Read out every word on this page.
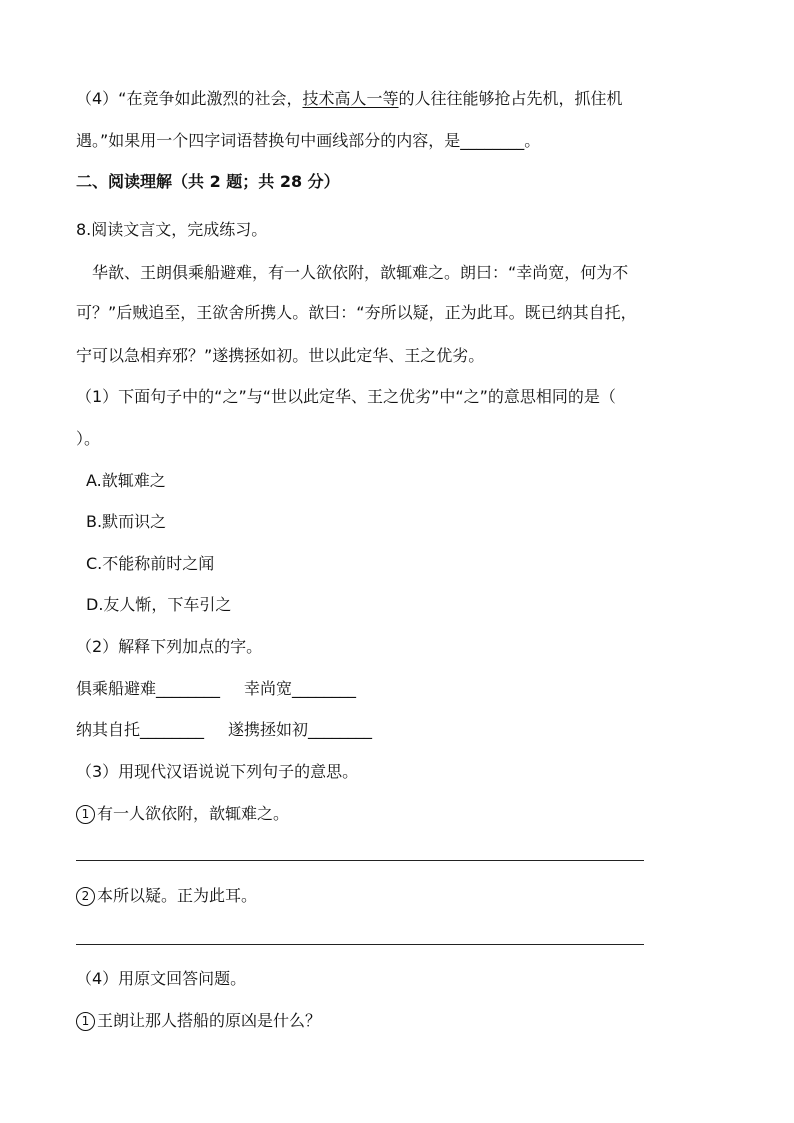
（4）“在竞争如此激烈的社会，技术高人一等的人往往能够抢占先机，抓住机
遇。”如果用一个四字词语替换句中画线部分的内容，是________。
二、阅读理解（共 2 题；共 28 分）
8.阅读文言文，完成练习。
　华歆、王朗俱乘船避难，有一人欲依附，歆辄难之。朗曰：“幸尚宽，何为不
可？”后贼追至，王欲舍所携人。歆曰：“夯所以疑，正为此耳。既已纳其自托，
宁可以急相弃邪？”遂携拯如初。世以此定华、王之优劣。
（1）下面句子中的“之”与“世以此定华、王之优劣”中“之”的意思相同的是（
）。
A.歆辄难之
B.默而识之
C.不能称前时之闻
D.友人惭，下车引之
（2）解释下列加点的字。
俱乘船避难________ 幸尚宽________
纳其自托________ 遂携拯如初________
（3）用现代汉语说说下列句子的意思。
1 有一人欲依附，歆辄难之。
2 本所以疑。正为此耳。
（4）用原文回答问题。
1 王朗让那人搭船的原凶是什么？
